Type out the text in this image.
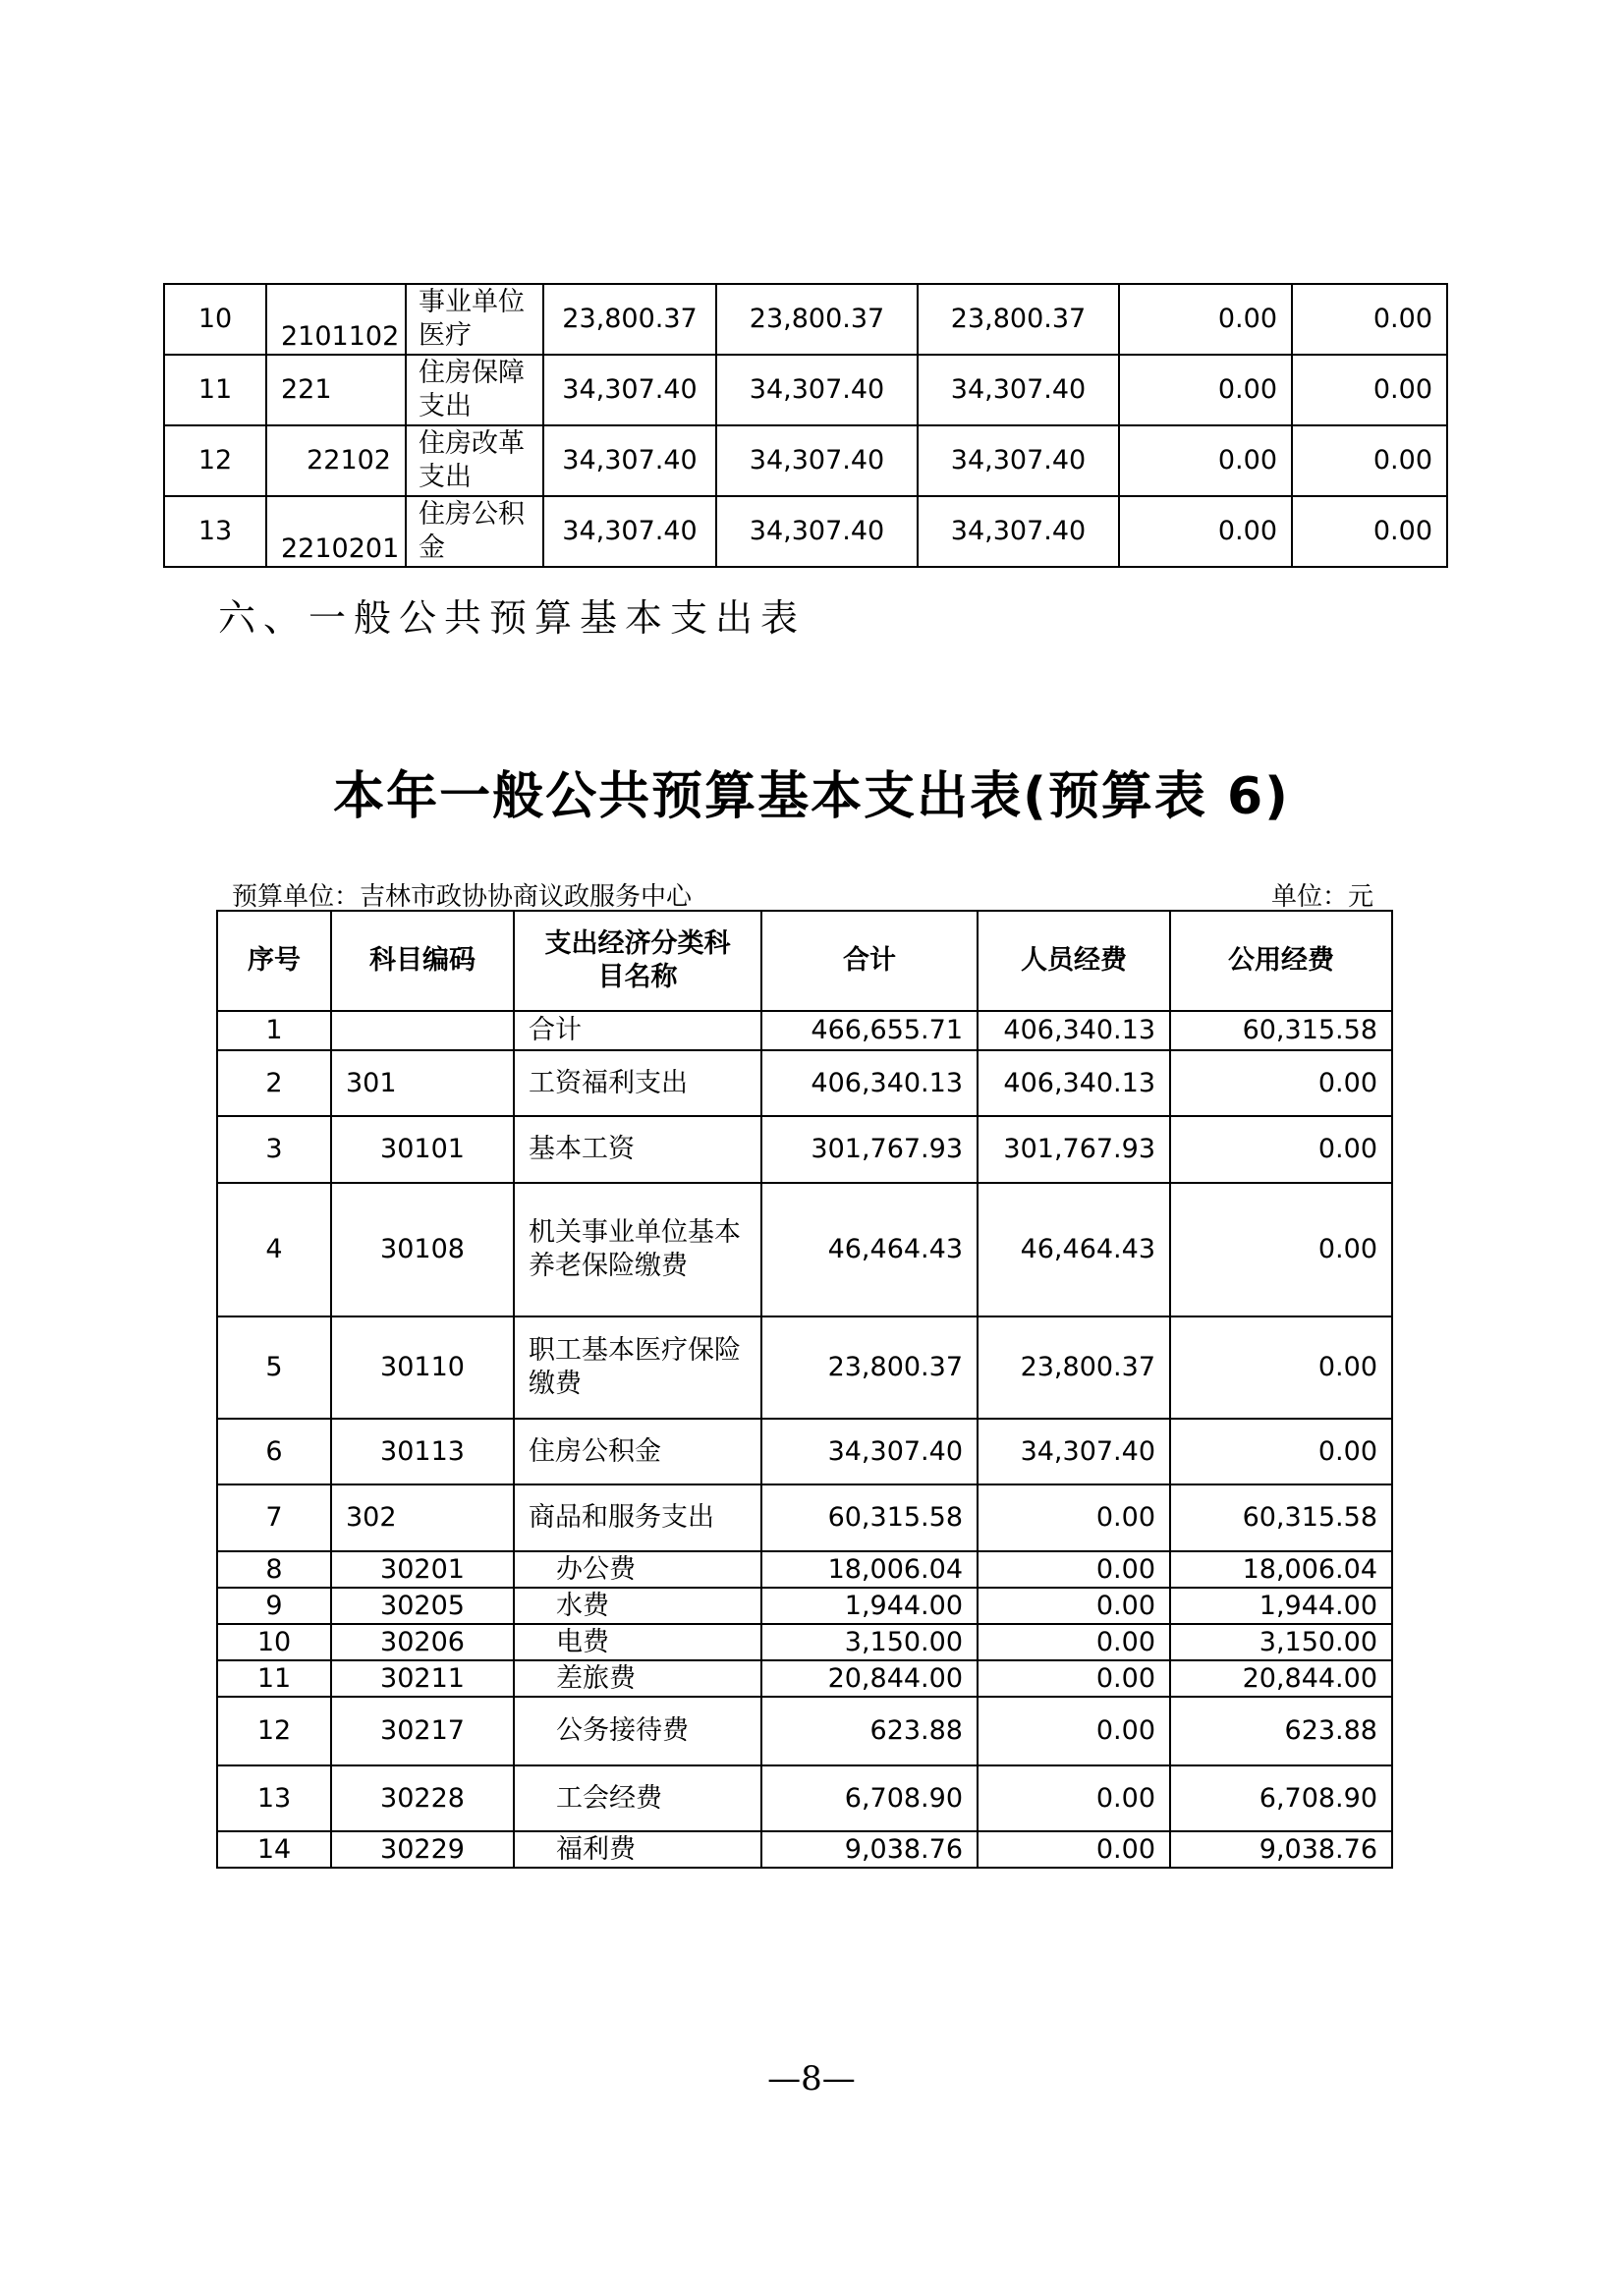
10	2101102	事业单位医疗	23,800.37	23,800.37	23,800.37	0.00	0.00
11	221	住房保障支出	34,307.40	34,307.40	34,307.40	0.00	0.00
12	22102	住房改革支出	34,307.40	34,307.40	34,307.40	0.00	0.00
13	2210201	住房公积金	34,307.40	34,307.40	34,307.40	0.00	0.00
六、一般公共预算基本支出表
本年一般公共预算基本支出表(预算表 6)
预算单位：吉林市政协协商议政服务中心	单位：元
序号	科目编码	支出经济分类科目名称	合计	人员经费	公用经费
1		合计	466,655.71	406,340.13	60,315.58
2	301	工资福利支出	406,340.13	406,340.13	0.00
3	30101	基本工资	301,767.93	301,767.93	0.00
4	30108	机关事业单位基本养老保险缴费	46,464.43	46,464.43	0.00
5	30110	职工基本医疗保险缴费	23,800.37	23,800.37	0.00
6	30113	住房公积金	34,307.40	34,307.40	0.00
7	302	商品和服务支出	60,315.58	0.00	60,315.58
8	30201	办公费	18,006.04	0.00	18,006.04
9	30205	水费	1,944.00	0.00	1,944.00
10	30206	电费	3,150.00	0.00	3,150.00
11	30211	差旅费	20,844.00	0.00	20,844.00
12	30217	公务接待费	623.88	0.00	623.88
13	30228	工会经费	6,708.90	0.00	6,708.90
14	30229	福利费	9,038.76	0.00	9,038.76
—8—
